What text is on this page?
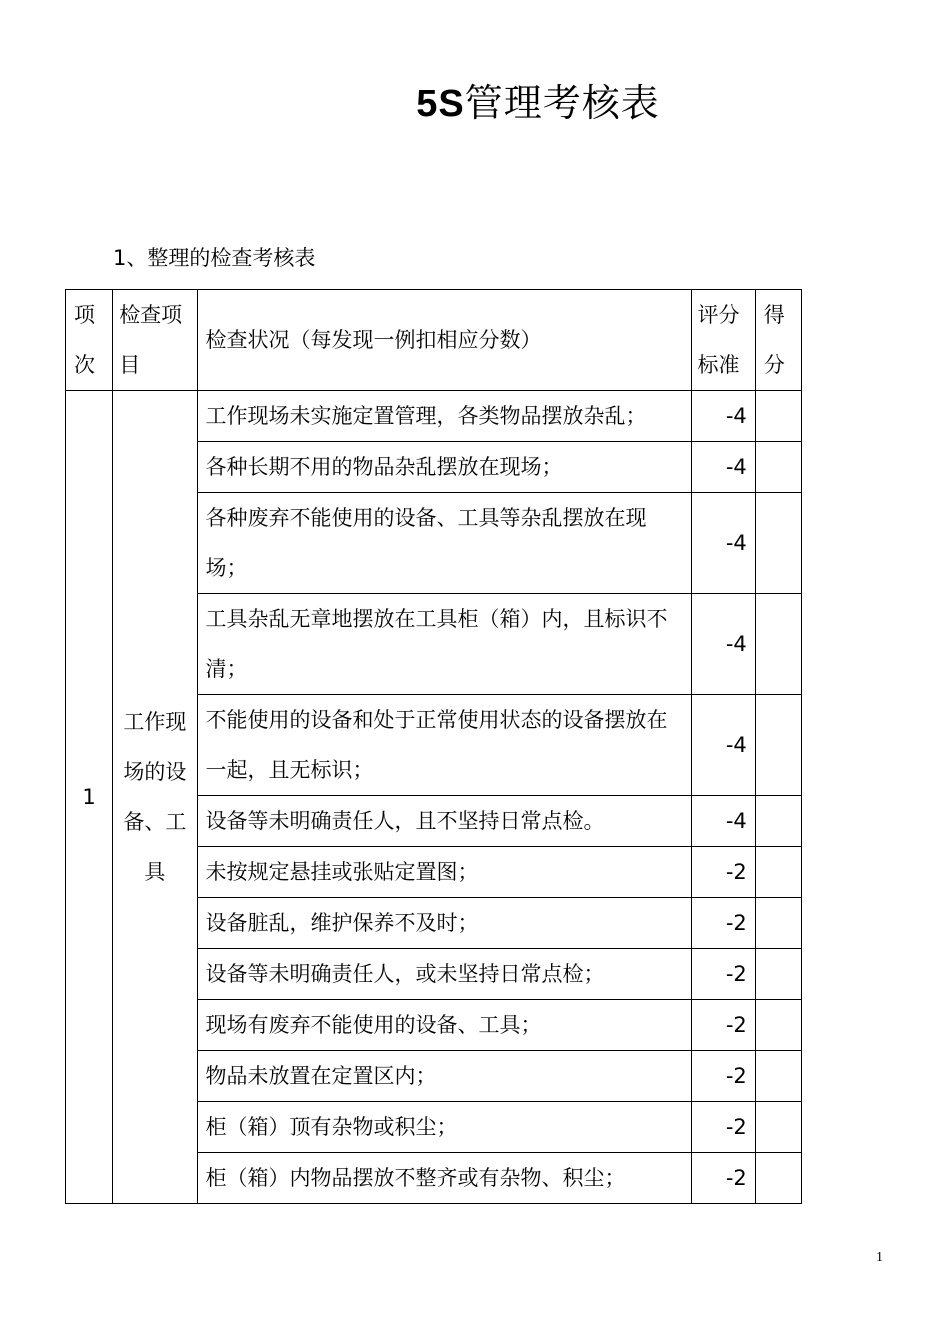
5S管理考核表
1、整理的检查考核表
项次	检查项目	检查状况（每发现一例扣相应分数）	评分标准	得分

1	工作现场的设备、工具	工作现场未实施定置管理，各类物品摆放杂乱；	-4	
		各种长期不用的物品杂乱摆放在现场；	-4	
		各种废弃不能使用的设备、工具等杂乱摆放在现场；	-4	
		工具杂乱无章地摆放在工具柜（箱）内，且标识不清；	-4	
		不能使用的设备和处于正常使用状态的设备摆放在一起，且无标识；	-4	
		设备等未明确责任人，且不坚持日常点检。	-4	
		未按规定悬挂或张贴定置图；	-2	
		设备脏乱，维护保养不及时；	-2	
		设备等未明确责任人，或未坚持日常点检；	-2	
		现场有废弃不能使用的设备、工具；	-2	
		物品未放置在定置区内；	-2	
		柜（箱）顶有杂物或积尘；	-2	
		柜（箱）内物品摆放不整齐或有杂物、积尘；	-2	
1
